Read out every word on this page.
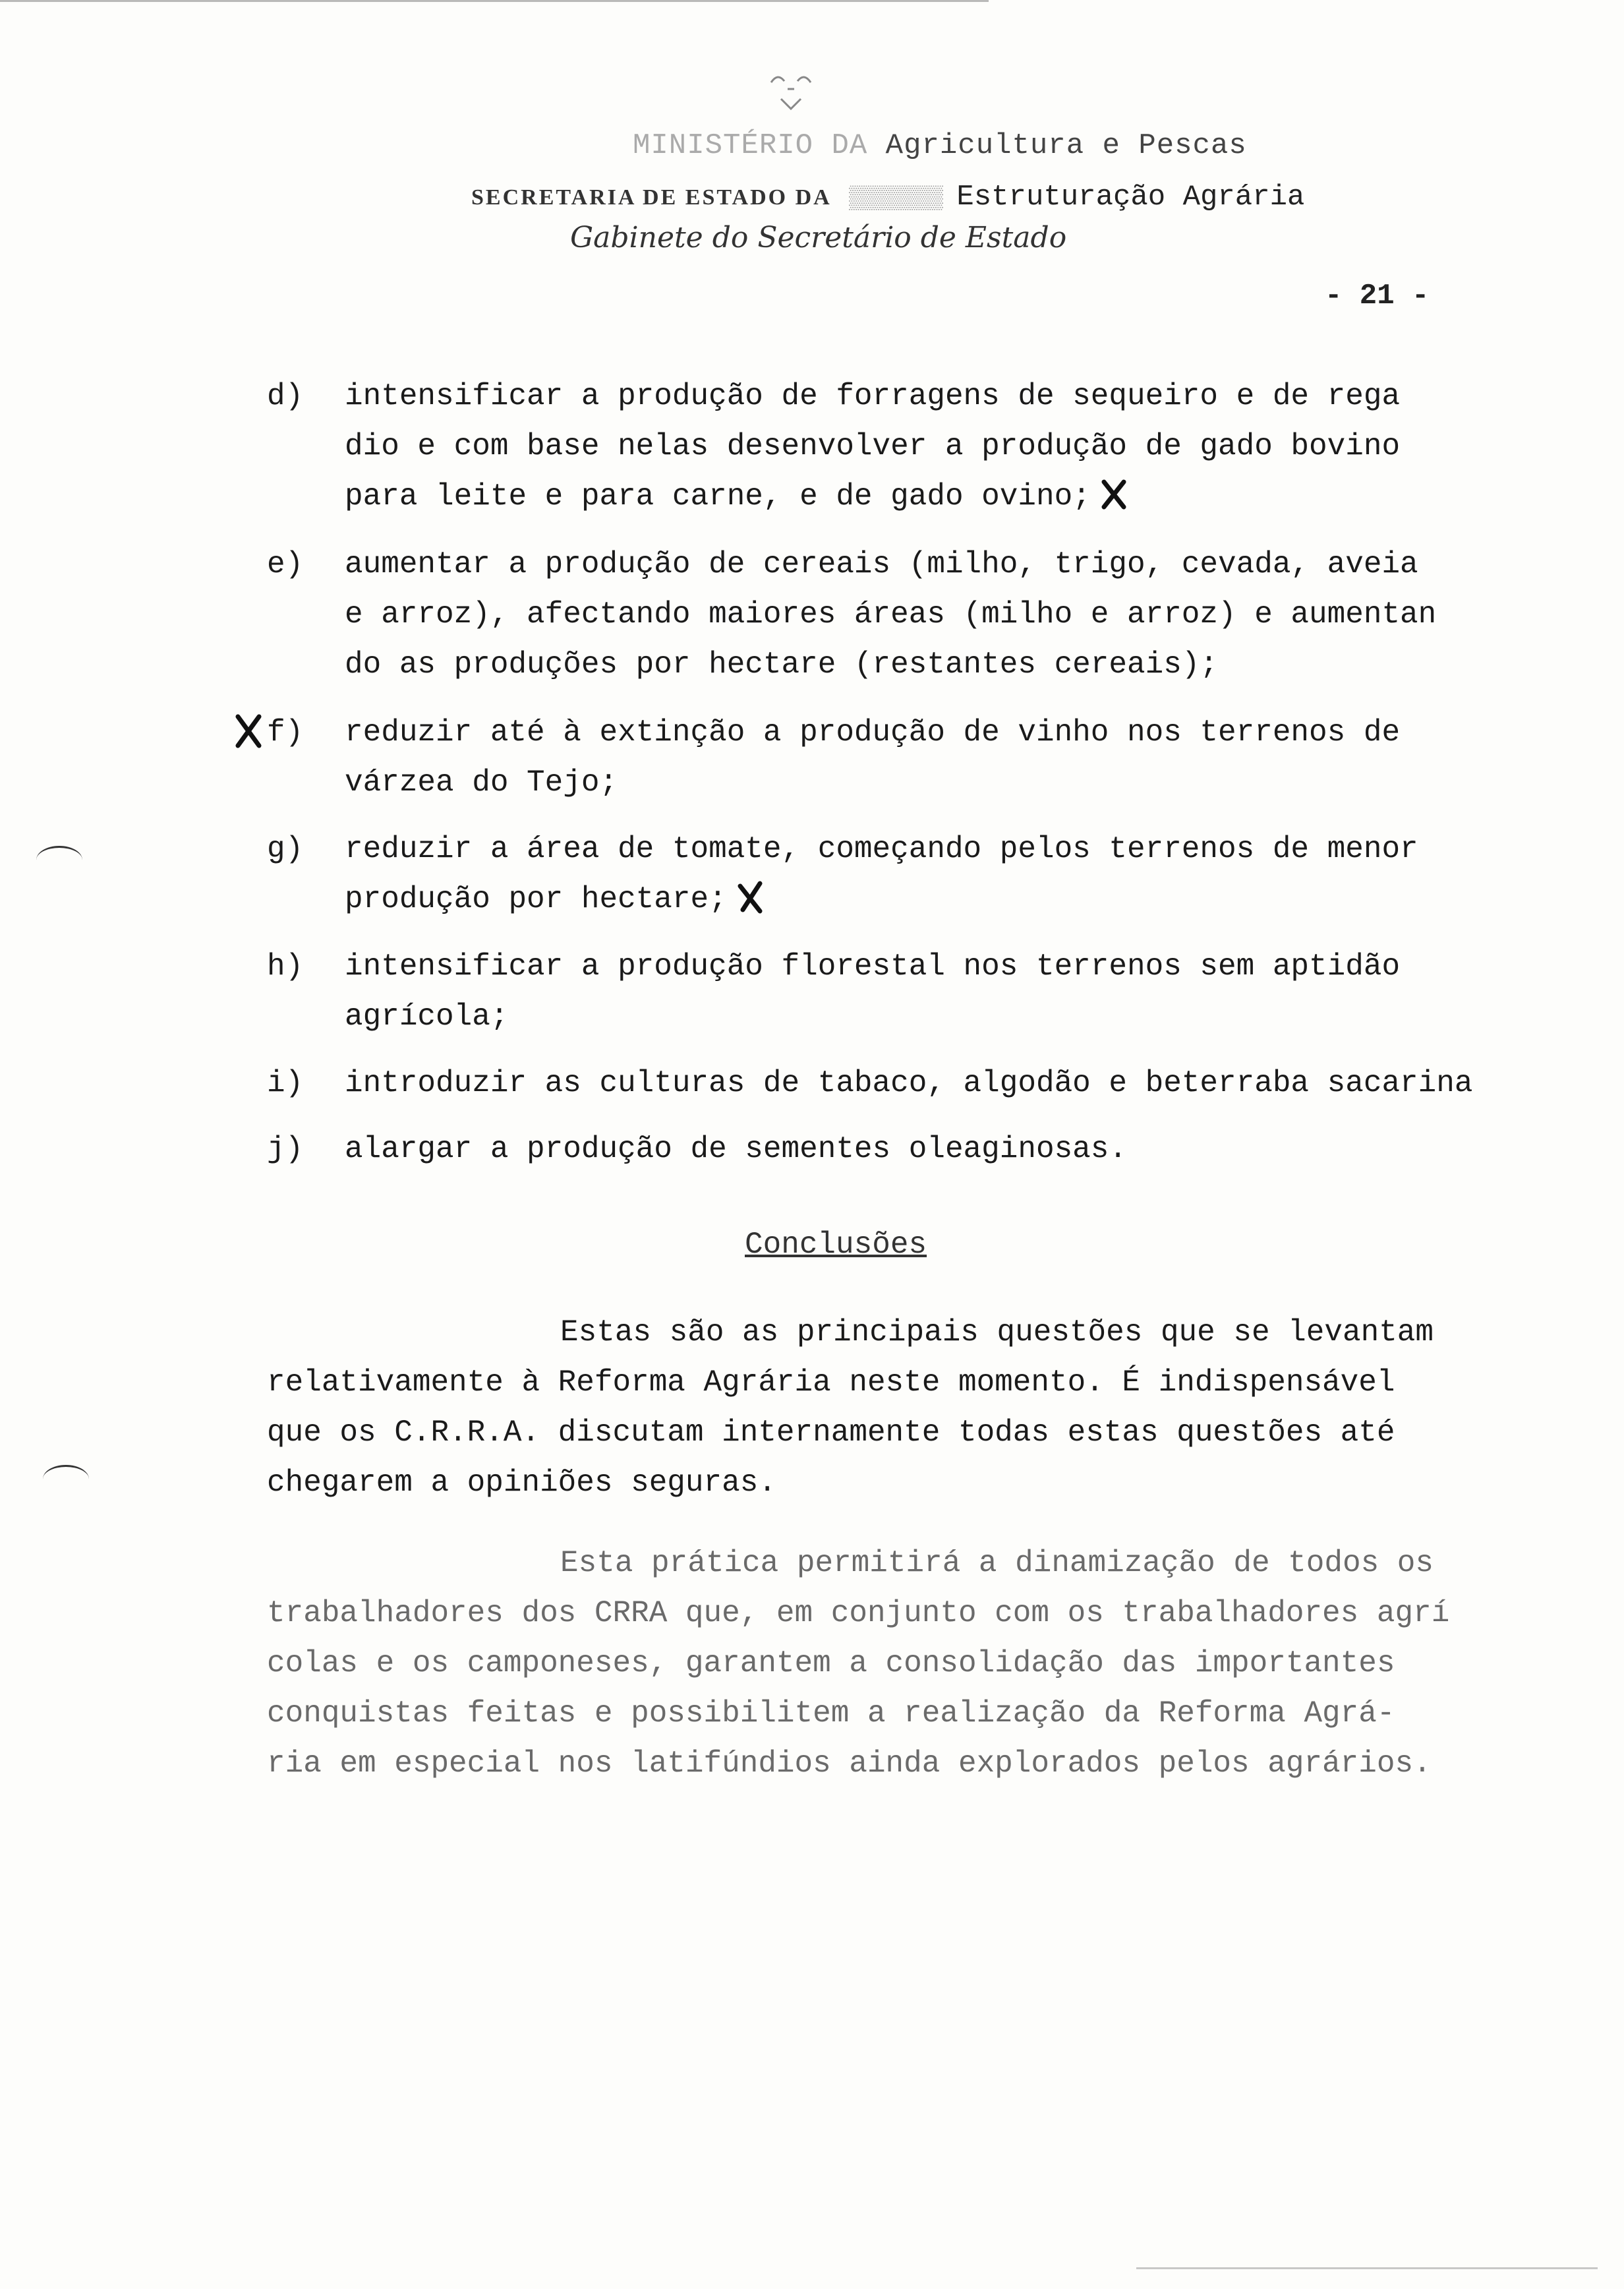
MINISTÉRIO DA Agricultura e Pescas
SECRETARIA DE ESTADO DA ▒▒▒▒▒▒▒ Estruturação Agrária
Gabinete do Secretário de Estado
- 21 -
d) intensificar a produção de forragens de sequeiro e de rega
dio e com base nelas desenvolver a produção de gado bovino
para leite e para carne, e de gado ovino;
e) aumentar a produção de cereais (milho, trigo, cevada, aveia
e arroz), afectando maiores áreas (milho e arroz) e aumentan
do as produções por hectare (restantes cereais);
f) reduzir até à extinção a produção de vinho nos terrenos de
várzea do Tejo;
g) reduzir a área de tomate, começando pelos terrenos de menor
produção por hectare;
h) intensificar a produção florestal nos terrenos sem aptidão
agrícola;
i) introduzir as culturas de tabaco, algodão e beterraba sacarina
j) alargar a produção de sementes oleaginosas.
Conclusões
Estas são as principais questões que se levantam
relativamente à Reforma Agrária neste momento. É indispensável
que os C.R.R.A. discutam internamente todas estas questões até
chegarem a opiniões seguras.
Esta prática permitirá a dinamização de todos os
trabalhadores dos CRRA que, em conjunto com os trabalhadores agrí
colas e os camponeses, garantem a consolidação das importantes
conquistas feitas e possibilitem a realização da Reforma Agrá-
ria em especial nos latifúndios ainda explorados pelos agrários.
